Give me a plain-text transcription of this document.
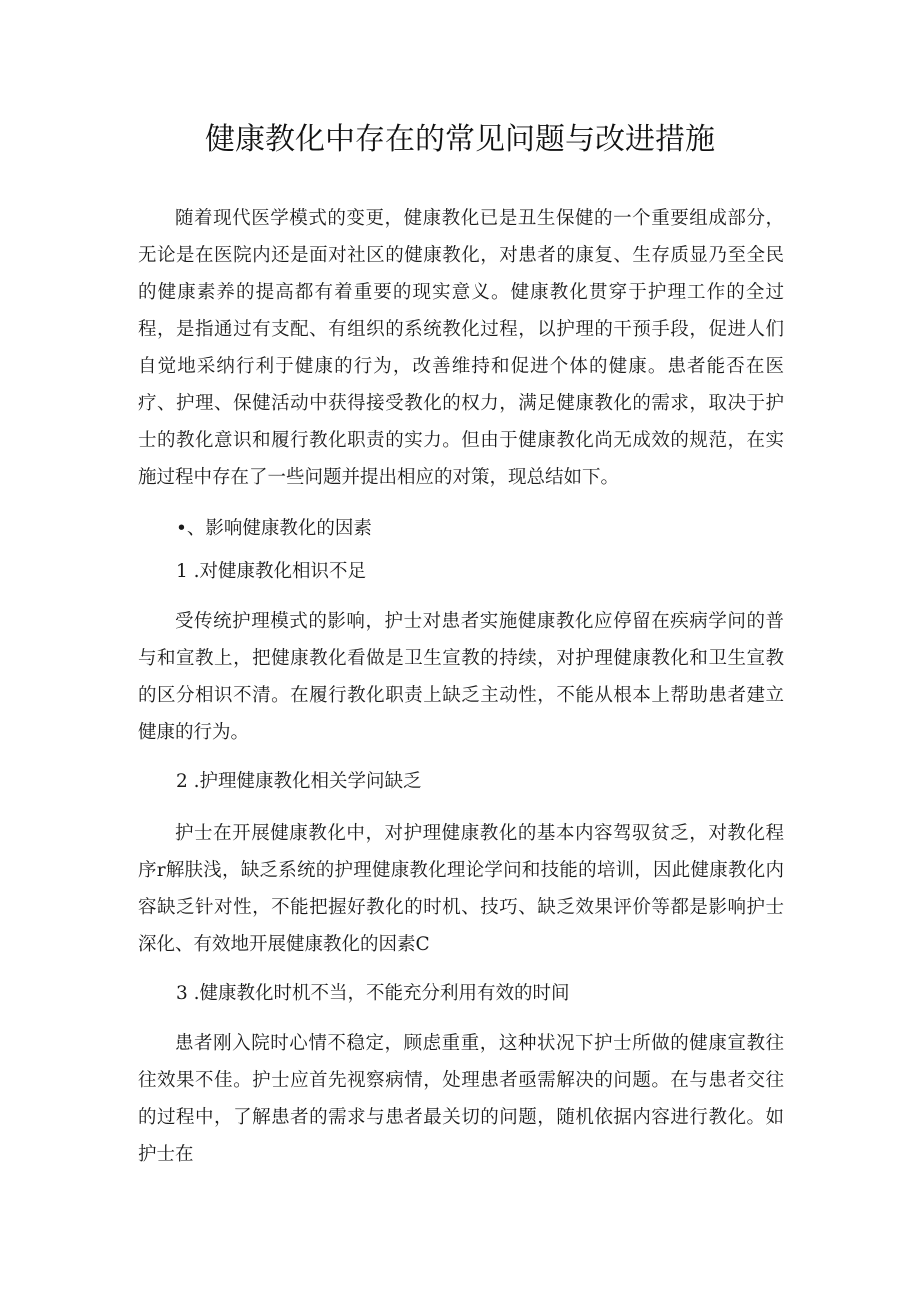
健康教化中存在的常见问题与改进措施

随着现代医学模式的变更，健康教化已是丑生保健的一个重要组成部分，无论是在医院内还是面对社区的健康教化，对患者的康复、生存质显乃至全民的健康素养的提高都有着重要的现实意义。健康教化贯穿于护理工作的全过程，是指通过有支配、有组织的系统教化过程，以护理的干预手段，促进人们自觉地采纳行利于健康的行为，改善维持和促进个体的健康。患者能否在医疗、护理、保健活动中获得接受教化的权力，满足健康教化的需求，取决于护士的教化意识和履行教化职责的实力。但由于健康教化尚无成效的规范，在实施过程中存在了一些问题并提出相应的对策，现总结如下。

•、影响健康教化的因素

1 .对健康教化相识不足

受传统护理模式的影响，护士对患者实施健康教化应停留在疾病学问的普与和宣教上，把健康教化看做是卫生宣教的持续，对护理健康教化和卫生宣教的区分相识不清。在履行教化职责上缺乏主动性，不能从根本上帮助患者建立健康的行为。

2 .护理健康教化相关学问缺乏

护士在开展健康教化中，对护理健康教化的基本内容驾驭贫乏，对教化程序r解肤浅，缺乏系统的护理健康教化理论学问和技能的培训，因此健康教化内容缺乏针对性，不能把握好教化的时机、技巧、缺乏效果评价等都是影响护士深化、有效地开展健康教化的因素C

3 .健康教化时机不当，不能充分利用有效的时间

患者刚入院时心情不稳定，顾虑重重，这种状况下护士所做的健康宣教往往效果不佳。护士应首先视察病情，处理患者亟需解决的问题。在与患者交往的过程中，了解患者的需求与患者最关切的问题，随机依据内容进行教化。如护士在
